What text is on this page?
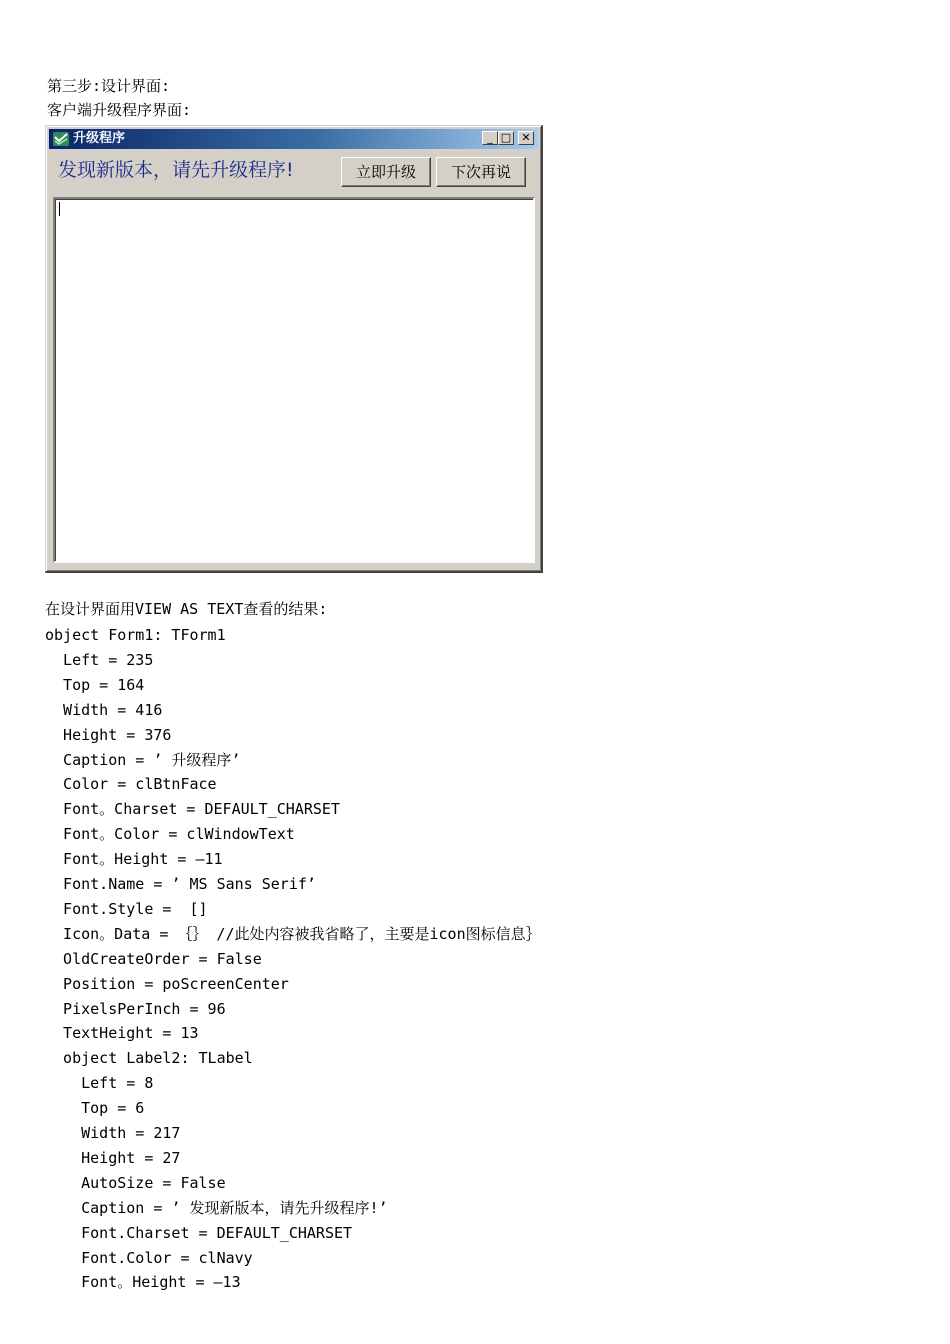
第三步:设计界面:
客户端升级程序界面:
升级程序	_ □ ✕
发现新版本，请先升级程序!	立即升级	下次再说
在设计界面用VIEW AS TEXT查看的结果:
object Form1: TForm1
Left = 235
Top = 164
Width = 416
Height = 376
Caption = ’ 升级程序’
Color = clBtnFace
Font。Charset = DEFAULT_CHARSET
Font。Color = clWindowText
Font。Height = —11
Font.Name = ’ MS Sans Serif’
Font.Style =  []
Icon。Data = ｛｝ //此处内容被我省略了，主要是icon图标信息｝
OldCreateOrder = False
Position = poScreenCenter
PixelsPerInch = 96
TextHeight = 13
object Label2: TLabel
Left = 8
Top = 6
Width = 217
Height = 27
AutoSize = False
Caption = ’ 发现新版本，请先升级程序!’
Font.Charset = DEFAULT_CHARSET
Font.Color = clNavy
Font。Height = —13
